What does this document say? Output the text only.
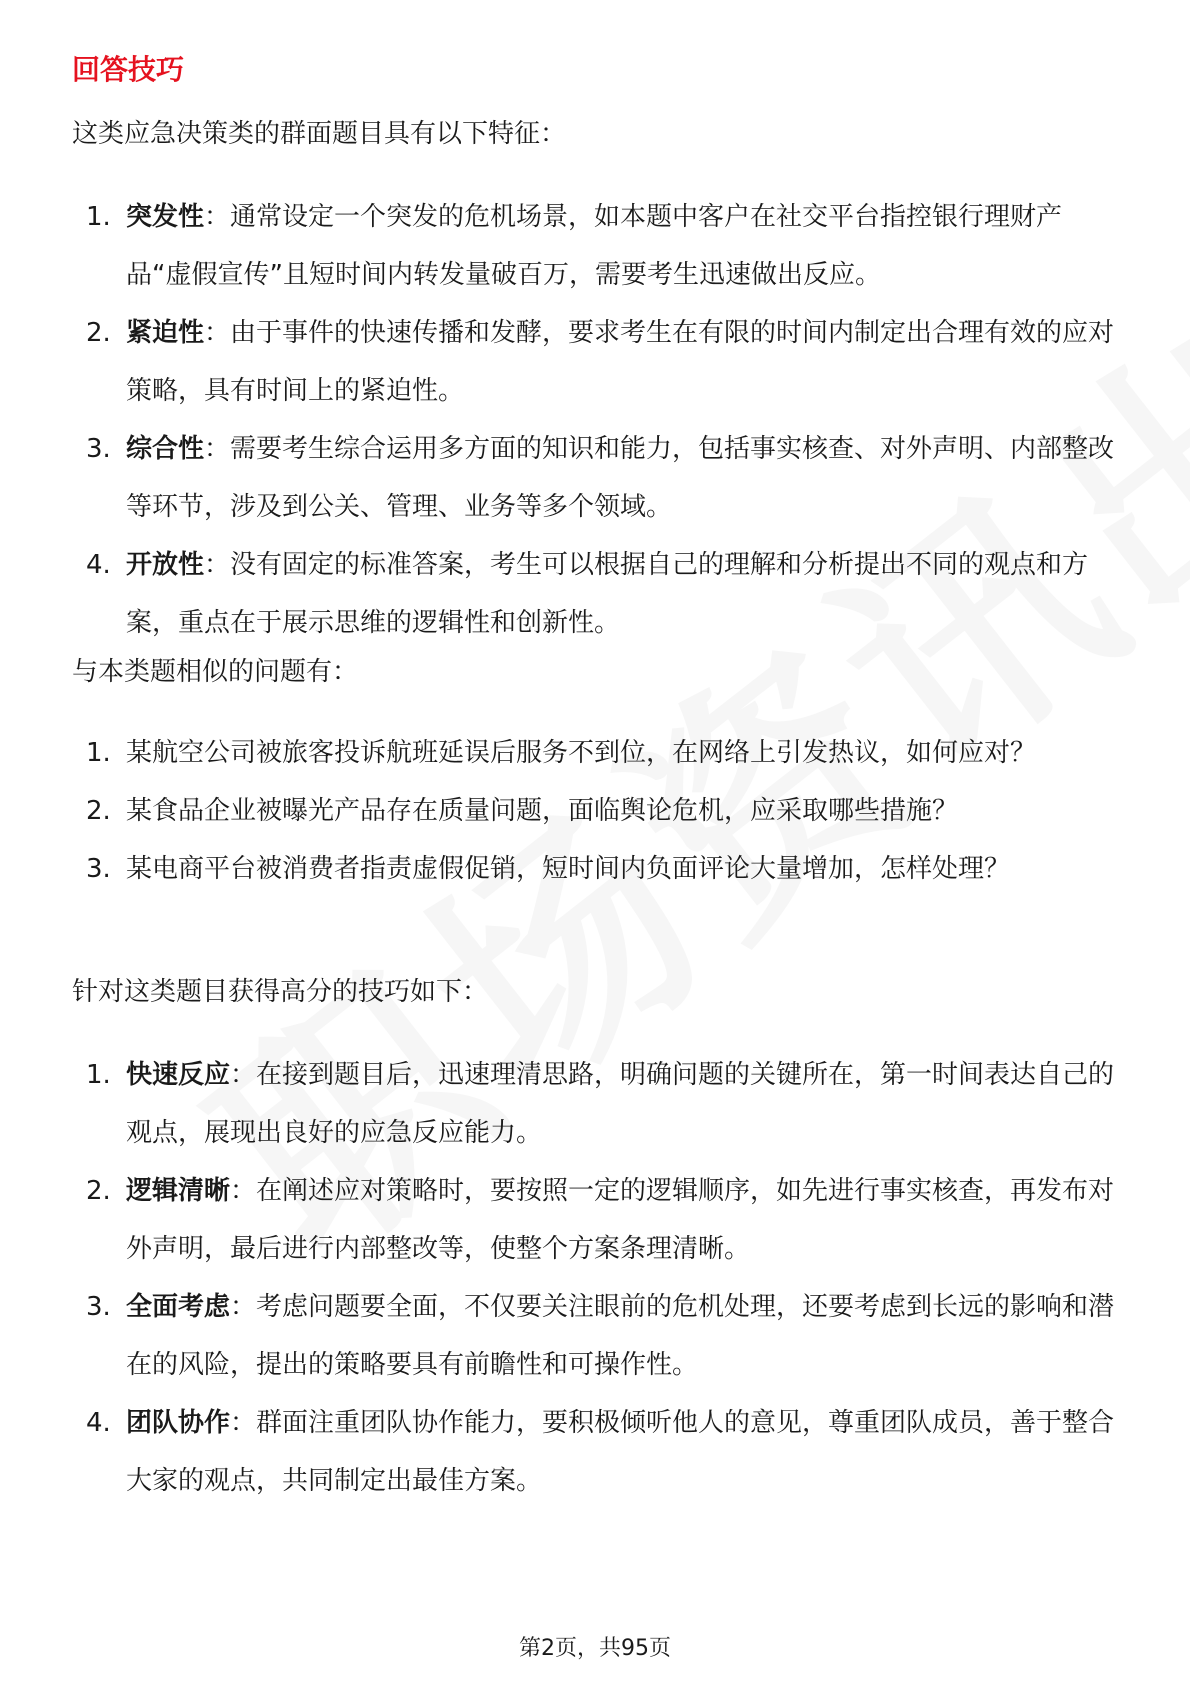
回答技巧
这类应急决策类的群面题目具有以下特征：
1. 突发性：通常设定一个突发的危机场景，如本题中客户在社交平台指控银行理财产品“虚假宣传”且短时间内转发量破百万，需要考生迅速做出反应。
2. 紧迫性：由于事件的快速传播和发酵，要求考生在有限的时间内制定出合理有效的应对策略，具有时间上的紧迫性。
3. 综合性：需要考生综合运用多方面的知识和能力，包括事实核查、对外声明、内部整改等环节，涉及到公关、管理、业务等多个领域。
4. 开放性：没有固定的标准答案，考生可以根据自己的理解和分析提出不同的观点和方案，重点在于展示思维的逻辑性和创新性。
与本类题相似的问题有：
1. 某航空公司被旅客投诉航班延误后服务不到位，在网络上引发热议，如何应对？
2. 某食品企业被曝光产品存在质量问题，面临舆论危机，应采取哪些措施？
3. 某电商平台被消费者指责虚假促销，短时间内负面评论大量增加，怎样处理？
针对这类题目获得高分的技巧如下：
1. 快速反应：在接到题目后，迅速理清思路，明确问题的关键所在，第一时间表达自己的观点，展现出良好的应急反应能力。
2. 逻辑清晰：在阐述应对策略时，要按照一定的逻辑顺序，如先进行事实核查，再发布对外声明，最后进行内部整改等，使整个方案条理清晰。
3. 全面考虑：考虑问题要全面，不仅要关注眼前的危机处理，还要考虑到长远的影响和潜在的风险，提出的策略要具有前瞻性和可操作性。
4. 团队协作：群面注重团队协作能力，要积极倾听他人的意见，尊重团队成员，善于整合大家的观点，共同制定出最佳方案。
第2页，共95页
